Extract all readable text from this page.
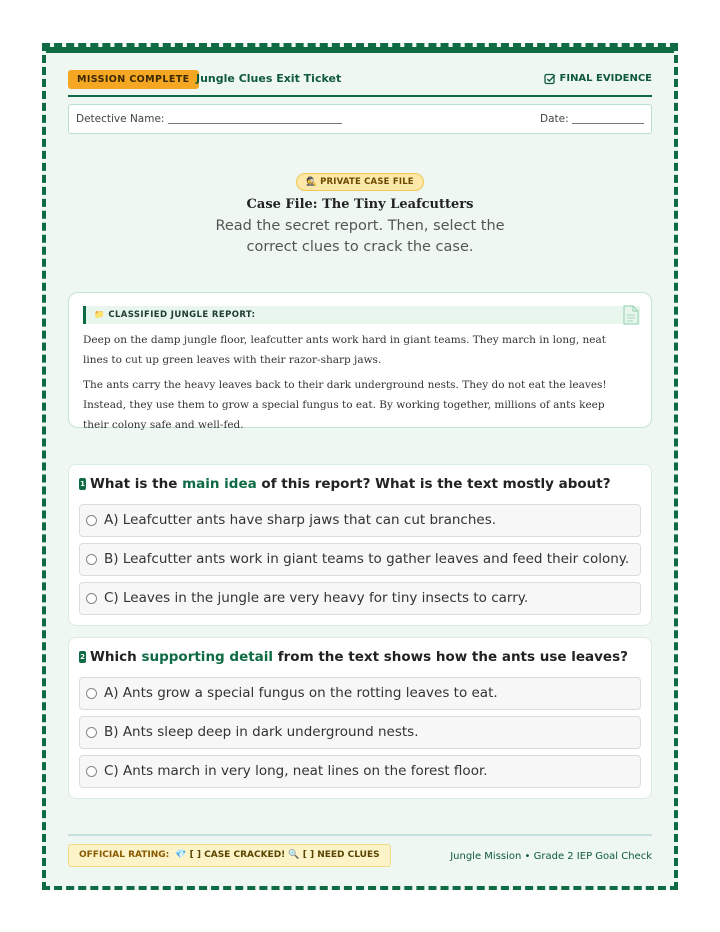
MISSION COMPLETE Jungle Clues Exit Ticket	FINAL EVIDENCE
Detective Name:	Date:
🕵️ PRIVATE CASE FILE
Case File: The Tiny Leafcutters
Read the secret report. Then, select the correct clues to crack the case.
📁 CLASSIFIED JUNGLE REPORT:

Deep on the damp jungle floor, leafcutter ants work hard in giant teams. They march in long, neat lines to cut up green leaves with their razor-sharp jaws.

The ants carry the heavy leaves back to their dark underground nests. They do not eat the leaves! Instead, they use them to grow a special fungus to eat. By working together, millions of ants keep their colony safe and well-fed.

1 What is the main idea of this report? What is the text mostly about?
A) Leafcutter ants have sharp jaws that can cut branches.
B) Leafcutter ants work in giant teams to gather leaves and feed their colony.
C) Leaves in the jungle are very heavy for tiny insects to carry.
2 Which supporting detail from the text shows how the ants use leaves?
A) Ants grow a special fungus on the rotting leaves to eat.
B) Ants sleep deep in dark underground nests.
C) Ants march in very long, neat lines on the forest floor.
OFFICIAL RATING: 💎 [ ] CASE CRACKED! 🔍 [ ] NEED CLUES	Jungle Mission • Grade 2 IEP Goal Check
